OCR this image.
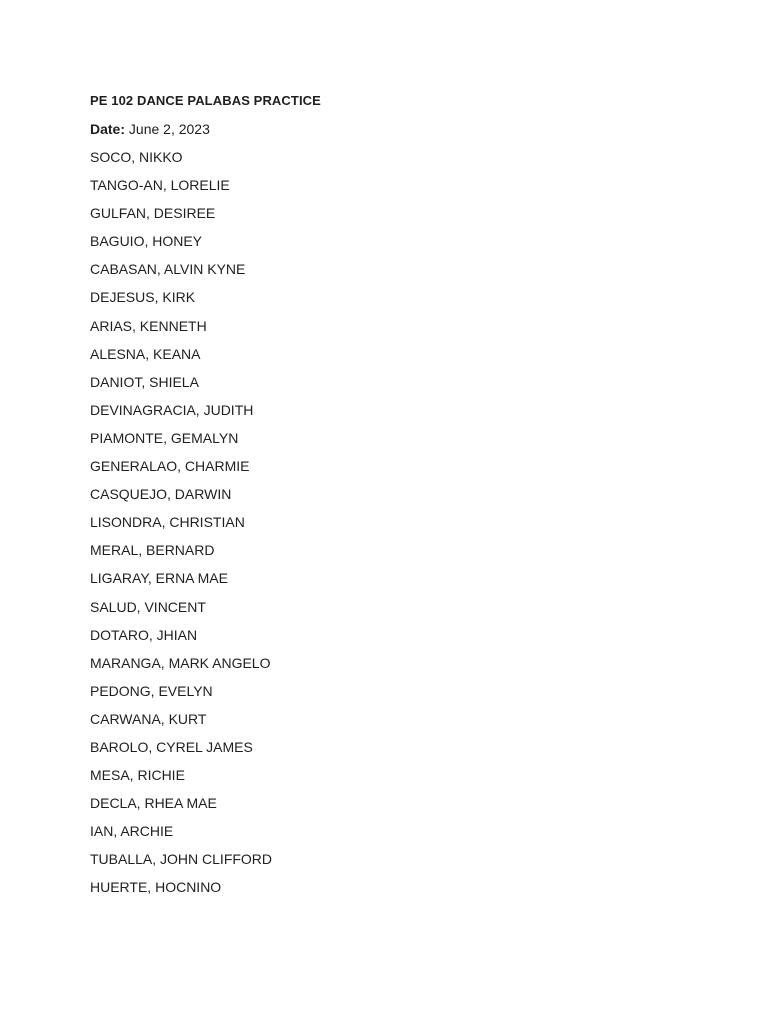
PE 102 DANCE PALABAS PRACTICE
Date: June 2, 2023
SOCO, NIKKO
TANGO-AN, LORELIE
GULFAN, DESIREE
BAGUIO, HONEY
CABASAN, ALVIN KYNE
DEJESUS, KIRK
ARIAS, KENNETH
ALESNA, KEANA
DANIOT, SHIELA
DEVINAGRACIA, JUDITH
PIAMONTE, GEMALYN
GENERALAO, CHARMIE
CASQUEJO, DARWIN
LISONDRA, CHRISTIAN
MERAL, BERNARD
LIGARAY, ERNA MAE
SALUD, VINCENT
DOTARO, JHIAN
MARANGA, MARK ANGELO
PEDONG, EVELYN
CARWANA, KURT
BAROLO, CYREL JAMES
MESA, RICHIE
DECLA, RHEA MAE
IAN, ARCHIE
TUBALLA, JOHN CLIFFORD
HUERTE, HOCNINO
